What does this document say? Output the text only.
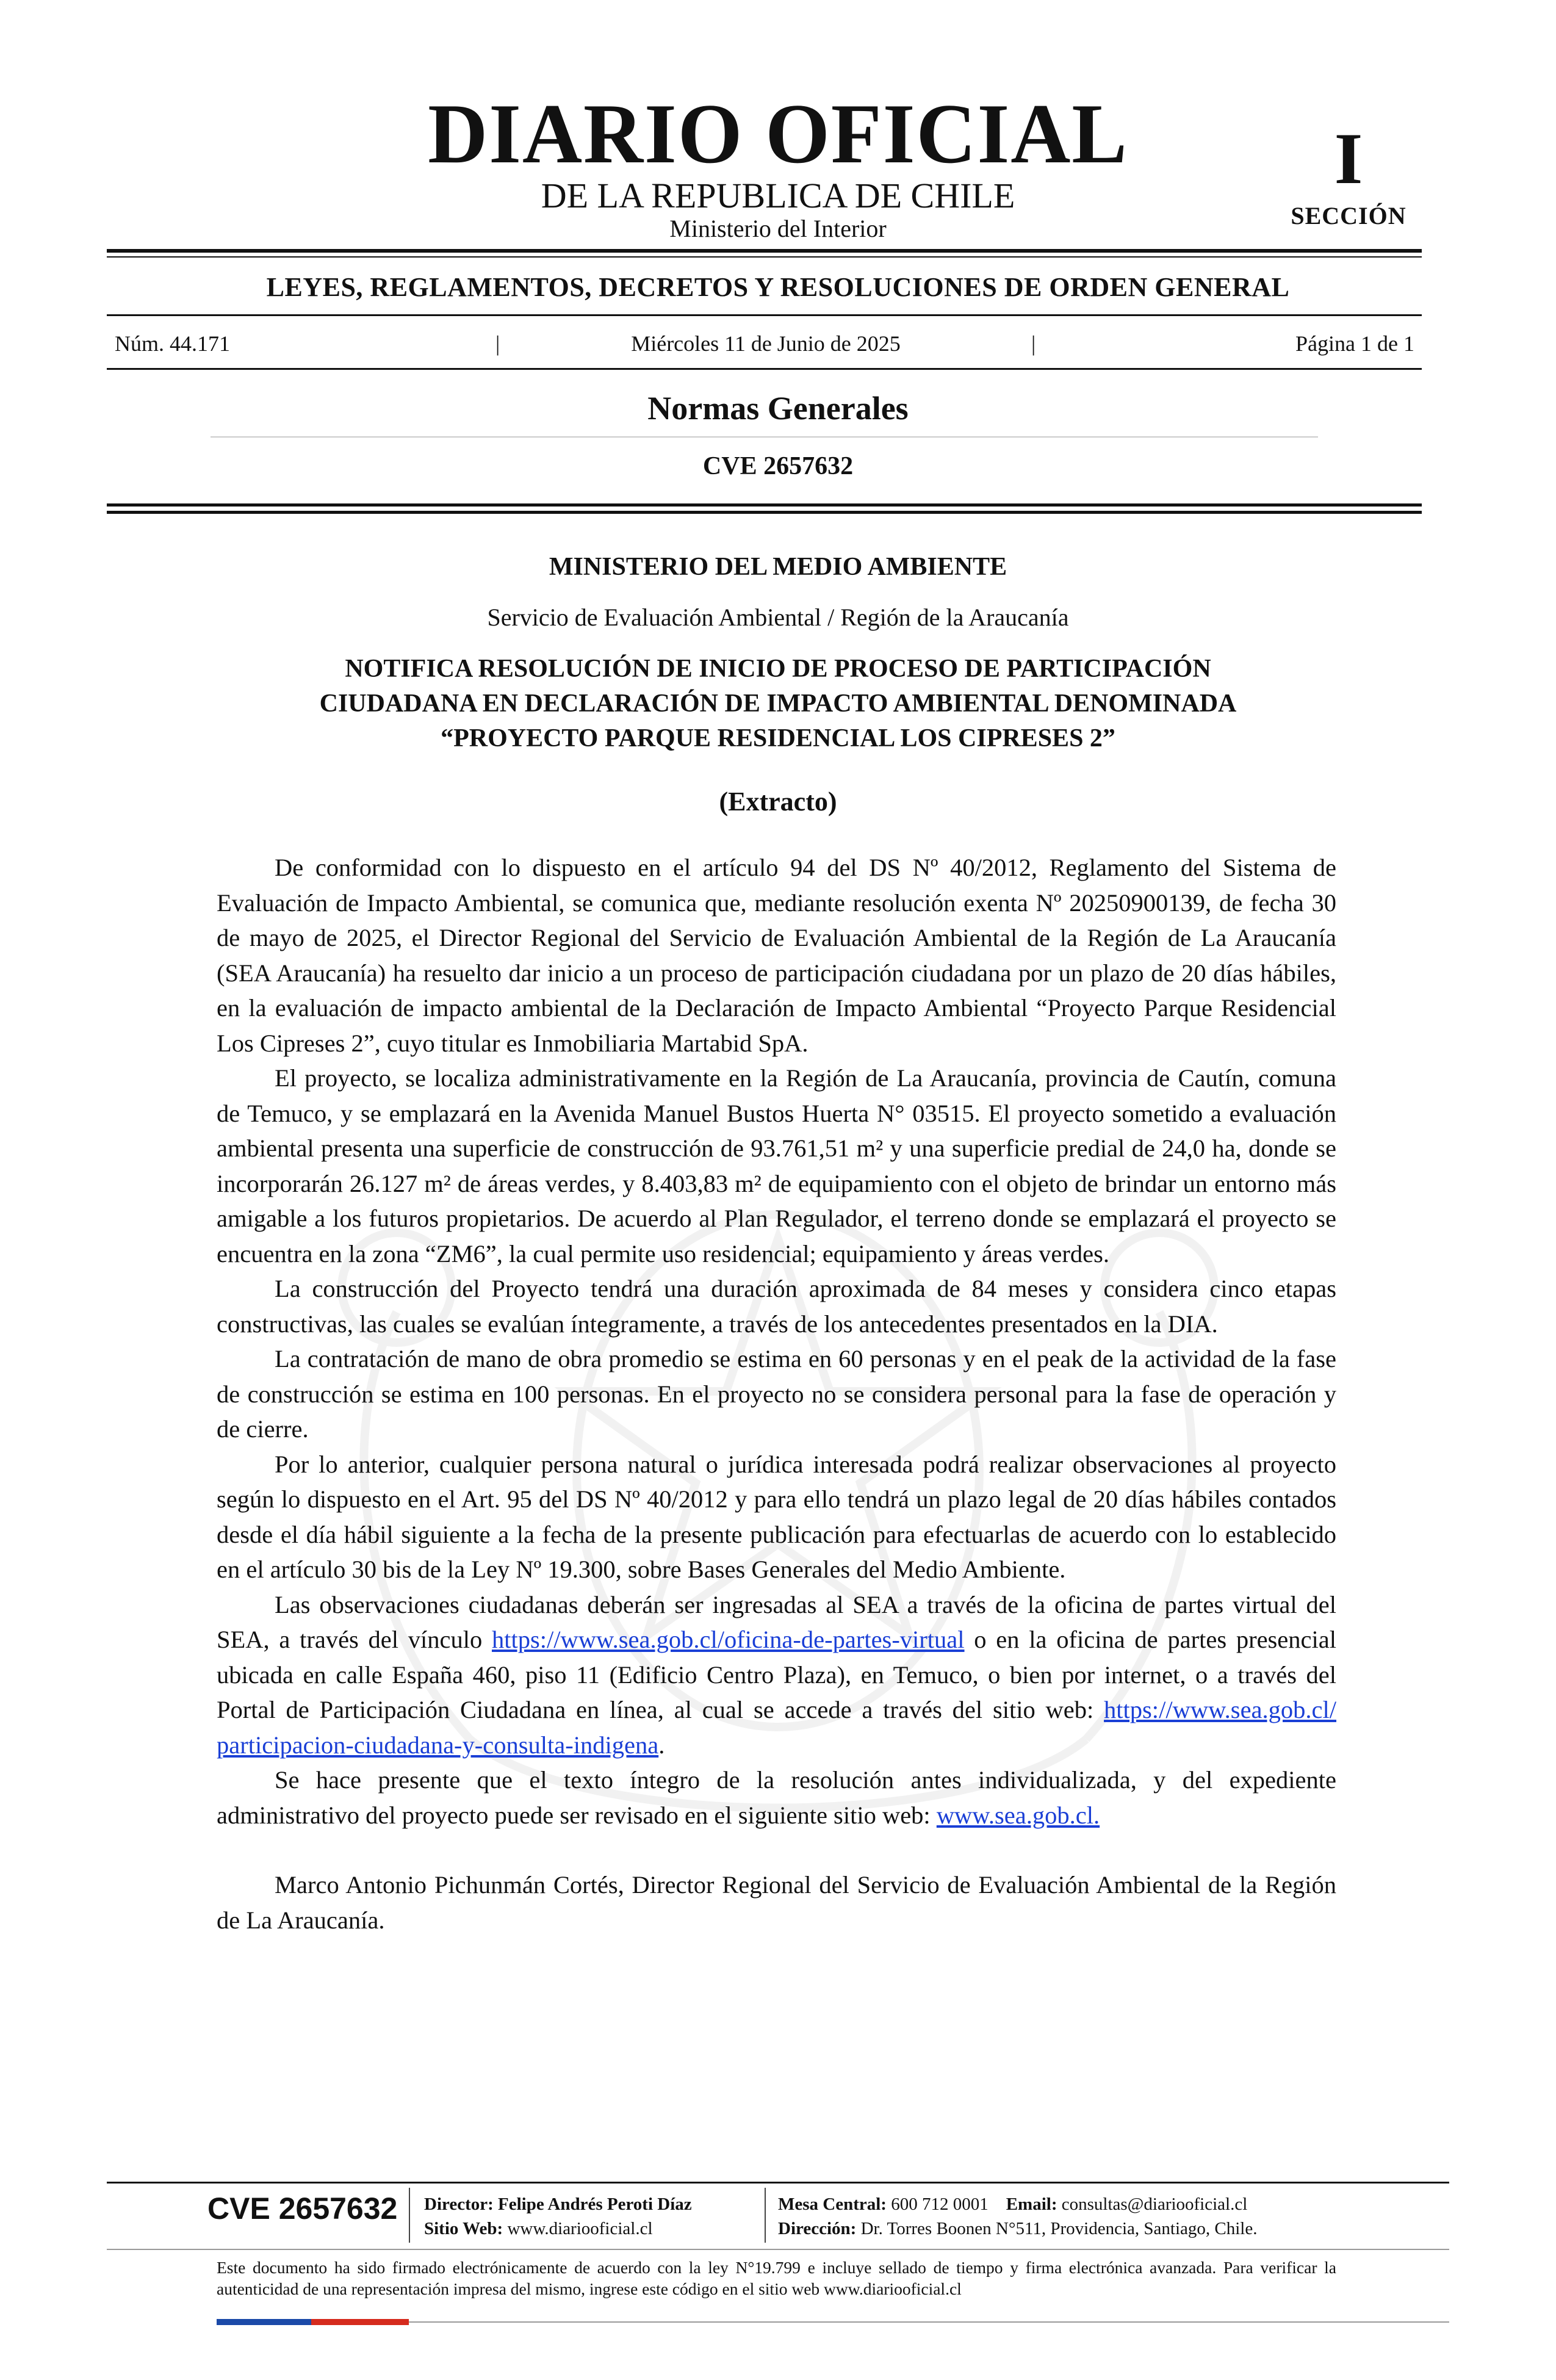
DIARIO OFICIAL
DE LA REPUBLICA DE CHILE
Ministerio del Interior
I
SECCIÓN
LEYES, REGLAMENTOS, DECRETOS Y RESOLUCIONES DE ORDEN GENERAL
Núm. 44.171	|	Miércoles 11 de Junio de 2025	|	Página 1 de 1
Normas Generales
CVE 2657632
MINISTERIO DEL MEDIO AMBIENTE
Servicio de Evaluación Ambiental / Región de la Araucanía
NOTIFICA RESOLUCIÓN DE INICIO DE PROCESO DE PARTICIPACIÓN
CIUDADANA EN DECLARACIÓN DE IMPACTO AMBIENTAL DENOMINADA
“PROYECTO PARQUE RESIDENCIAL LOS CIPRESES 2”
(Extracto)

De conformidad con lo dispuesto en el artículo 94 del DS Nº 40/2012, Reglamento del Sistema de Evaluación de Impacto Ambiental, se comunica que, mediante resolución exenta Nº 20250900139, de fecha 30 de mayo de 2025, el Director Regional del Servicio de Evaluación Ambiental de la Región de La Araucanía (SEA Araucanía) ha resuelto dar inicio a un proceso de participación ciudadana por un plazo de 20 días hábiles, en la evaluación de impacto ambiental de la Declaración de Impacto Ambiental “Proyecto Parque Residencial Los Cipreses 2”, cuyo titular es Inmobiliaria Martabid SpA.

El proyecto, se localiza administrativamente en la Región de La Araucanía, provincia de Cautín, comuna de Temuco, y se emplazará en la Avenida Manuel Bustos Huerta N° 03515. El proyecto sometido a evaluación ambiental presenta una superficie de construcción de 93.761,51 m² y una superficie predial de 24,0 ha, donde se incorporarán 26.127 m² de áreas verdes, y 8.403,83 m² de equipamiento con el objeto de brindar un entorno más amigable a los futuros propietarios. De acuerdo al Plan Regulador, el terreno donde se emplazará el proyecto se encuentra en la zona “ZM6”, la cual permite uso residencial; equipamiento y áreas verdes.

La construcción del Proyecto tendrá una duración aproximada de 84 meses y considera cinco etapas constructivas, las cuales se evalúan íntegramente, a través de los antecedentes presentados en la DIA.

La contratación de mano de obra promedio se estima en 60 personas y en el peak de la actividad de la fase de construcción se estima en 100 personas. En el proyecto no se considera personal para la fase de operación y de cierre.

Por lo anterior, cualquier persona natural o jurídica interesada podrá realizar observaciones al proyecto según lo dispuesto en el Art. 95 del DS Nº 40/2012 y para ello tendrá un plazo legal de 20 días hábiles contados desde el día hábil siguiente a la fecha de la presente publicación para efectuarlas de acuerdo con lo establecido en el artículo 30 bis de la Ley Nº 19.300, sobre Bases Generales del Medio Ambiente.

Las observaciones ciudadanas deberán ser ingresadas al SEA a través de la oficina de partes virtual del SEA, a través del vínculo https://www.sea.gob.cl/oficina-de-partes-virtual o en la oficina de partes presencial ubicada en calle España 460, piso 11 (Edificio Centro Plaza), en Temuco, o bien por internet, o a través del Portal de Participación Ciudadana en línea, al cual se accede a través del sitio web: https://www.sea.gob.cl/ participacion-ciudadana-y-consulta-indigena.

Se hace presente que el texto íntegro de la resolución antes individualizada, y del expediente administrativo del proyecto puede ser revisado en el siguiente sitio web: www.sea.gob.cl.

Marco Antonio Pichunmán Cortés, Director Regional del Servicio de Evaluación Ambiental de la Región de La Araucanía.

CVE 2657632 Director: Felipe Andrés Peroti Díaz
Sitio Web: www.diariooficial.cl
Mesa Central: 600 712 0001 Email: consultas@diariooficial.cl
Dirección: Dr. Torres Boonen N°511, Providencia, Santiago, Chile.
Este documento ha sido firmado electrónicamente de acuerdo con la ley N°19.799 e incluye sellado de tiempo y firma electrónica avanzada. Para verificar la autenticidad de una representación impresa del mismo, ingrese este código en el sitio web www.diariooficial.cl
